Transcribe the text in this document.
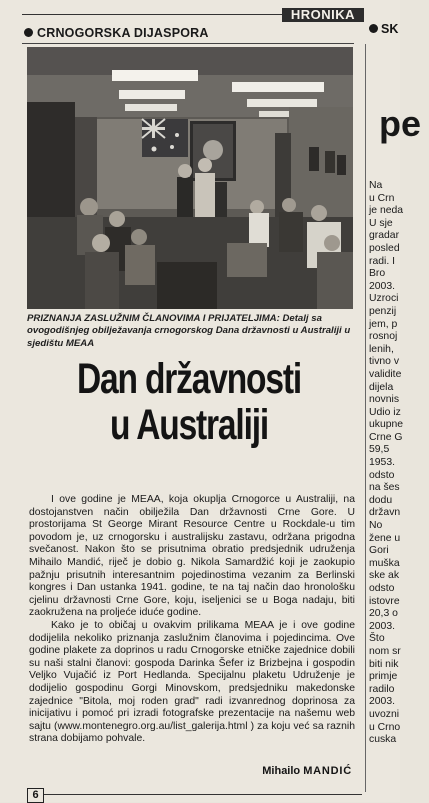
HRONIKA
CRNOGORSKA DIJASPORA
PRIZNANJA ZASLUŽNIM ČLANOVIMA I PRIJATELJIMA: Detalj sa ovogodišnjeg obilježavanja crnogorskog Dana državnosti u Australiji u sjedištu MEAA
Dan državnosti
u Australiji

I ove godine je MEAA, koja okuplja Crnogorce u Australiji, na dostojanstven način obilježila Dan državnosti Crne Gore. U prostorijama St George Mirant Resource Centre u Rockdale-u tim povodom je, uz crnogorsku i australijsku zastavu, održana prigodna svečanost. Nakon što se prisutnima obratio predsjednik udruženja Mihailo Mandić, riječ je dobio g. Nikola Samardžić koji je zaokupio pažnju prisutnih interesantnim pojedinostima vezanim za Berlinski kongres i Dan ustanka 1941. godine, te na taj način dao hronološku cjelinu državnosti Crne Gore, koju, iseljenici se u Boga nadaju, biti zaokružena na proljeće iduće godine.

Kako je to običaj u ovakvim prilikama MEAA je i ove godine dodijelila nekoliko priznanja zaslužnim članovima i pojedincima. Ove godine plakete za doprinos u radu Crnogorske etničke zajednice dobili su naši stalni članovi: gospoda Darinka Šefer iz Brizbejna i gospodin Veljko Vujačić iz Port Hedlanda. Specijalnu plaketu Udruženje je dodijelio gospodinu Gorgi Minovskom, predsjedniku makedonske zajednice "Bitola, moj roden grad" radi izvanrednog doprinosa za inicijativu i pomoć pri izradi fotografske prezentacije na našemu web sajtu (www.montenegro.org.au/list_galerija.html ) za koju već sa raznih strana dobijamo pohvale.

Mihailo MANDIĆ
SK
pe
Na
u Crn
je neda
U sje
gradar
posled
radi. I
Bro
2003.
Uzroci
penzij
jem, p
rosnoj
lenih,
tivno v
validite
dijela
novnis
Udio iz
ukupne
Crne G
59,5
1953.
odsto
na šes
dodu
državn
No
žene u
Gori
muška
ske ak
odsto
istovre
20,3 o
2003.
Što
nom sr
biti nik
primje
radilo
2003.
uvozni
u Crno
cuska
6
